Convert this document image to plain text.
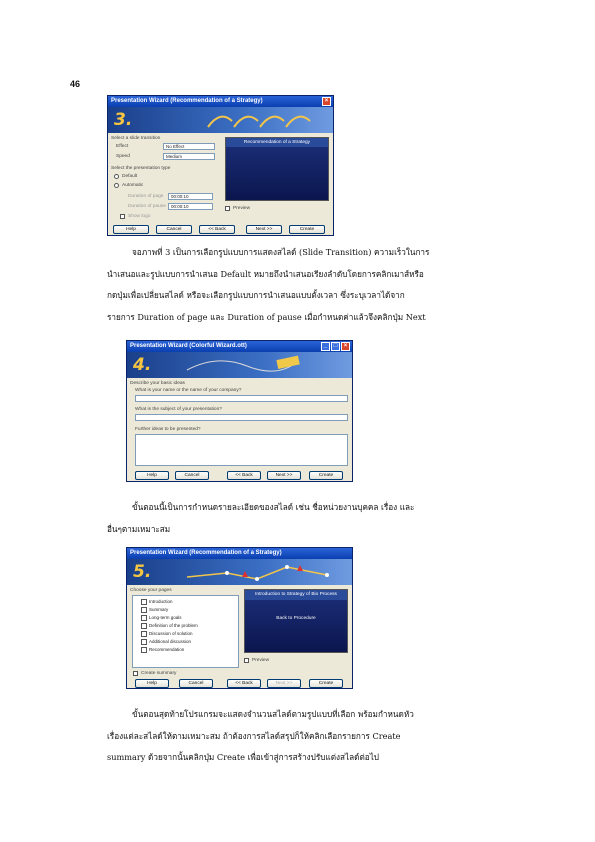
46
Presentation Wizard (Recommendation of a Strategy)	×
3.
Select a slide transition
Effect	No Effect
Speed	Medium
Select the presentation type
Default
Automatic
Duration of page	00:00:10
Duration of pause	00:00:10
Show logo
Recommendation of a Strategy
Preview
Help	Cancel	<< Back	Next >>	Create

จอภาพที่ 3 เป็นการเลือกรูปแบบการแสดงสไลด์ (Slide Transition) ความเร็วในการ

นำเสนอและรูปแบบการนำเสนอ Default หมายถึงนำเสนอเรียงลำดับโดยการคลิกเมาส์หรือ

กดปุ่มเพื่อเปลี่ยนสไลด์ หรือจะเลือกรูปแบบการนำเสนอแบบตั้งเวลา ซึ่งระบุเวลาได้จาก

รายการ Duration of page และ Duration of pause เมื่อกำหนดค่าแล้วจึงคลิกปุ่ม Next

Presentation Wizard (Colorful Wizard.ott)	_	□	×
4.
Describe your basic ideas
What is your name or the name of your company?
What is the subject of your presentation?
Further ideas to be presented?
Help	Cancel	<< Back	Next >>	Create

ขั้นตอนนี้เป็นการกำหนดรายละเอียดของสไลด์ เช่น ชื่อหน่วยงานบุคคล เรื่อง และ

อื่นๆตามเหมาะสม

Presentation Wizard (Recommendation of a Strategy)
5.
Choose your pages
Introduction
Summary
Long-term goals
Definition of the problem
Discussion of solution
Additional discussion
Recommendation
Create summary
Introduction to Strategy of Bio Process
Back to Procedure
Preview
Help	Cancel	<< Back	Next >>	Create

ขั้นตอนสุดท้ายโปรแกรมจะแสดงจำนวนสไลด์ตามรูปแบบที่เลือก พร้อมกำหนดหัว

เรื่องแต่ละสไลด์ให้ตามเหมาะสม ถ้าต้องการสไลด์สรุปก็ให้คลิกเลือกรายการ Create

summary ด้วยจากนั้นคลิกปุ่ม Create เพื่อเข้าสู่การสร้างปรับแต่งสไลด์ต่อไป
